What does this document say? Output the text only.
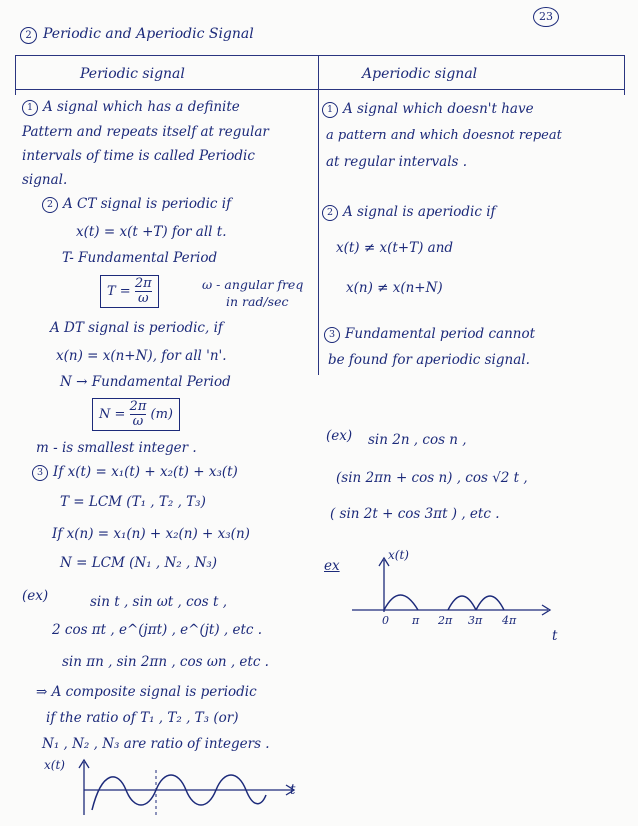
23
2 Periodic and Aperiodic Signal
Periodic signal	Aperiodic signal
1 A signal which has a definite
Pattern and repeats itself at regular
intervals of time is called Periodic
signal.
2 A CT signal is periodic if
x(t) = x(t +T) for all t.
T- Fundamental Period
$T = \frac{2\pi}{\omega}$	ω - angular freq
in rad/sec
A DT signal is periodic, if
x(n) = x(n+N), for all 'n'.
N → Fundamental Period
$N = \frac{2\pi}{\omega} (m)$
m - is smallest integer .
3 If x(t) = x₁(t) + x₂(t) + x₃(t)
T = LCM (T₁ , T₂ , T₃)
If x(n) = x₁(n) + x₂(n) + x₃(n)
N = LCM (N₁ , N₂ , N₃)
(ex)	sin t , sin ωt , cos t ,
2 cos πt , e^(jπt) , e^(jt) , etc .
sin πn , sin 2πn , cos ωn , etc .
⇒ A composite signal is periodic
if the ratio of T₁ , T₂ , T₃ (or)
N₁ , N₂ , N₃ are ratio of integers .
1 A signal which doesn't have
a pattern and which doesnot repeat
at regular intervals .
2 A signal is aperiodic if
x(t) ≠ x(t+T) and
x(n) ≠ x(n+N)
3 Fundamental period cannot
be found for aperiodic signal.
(ex) sin 2n , cos n ,
(sin 2πn + cos n) , cos √2 t ,
( sin 2t + cos 3πt ) , etc .
ex
x(t)
t
0 π 2π 3π 4π
x(t)
t
